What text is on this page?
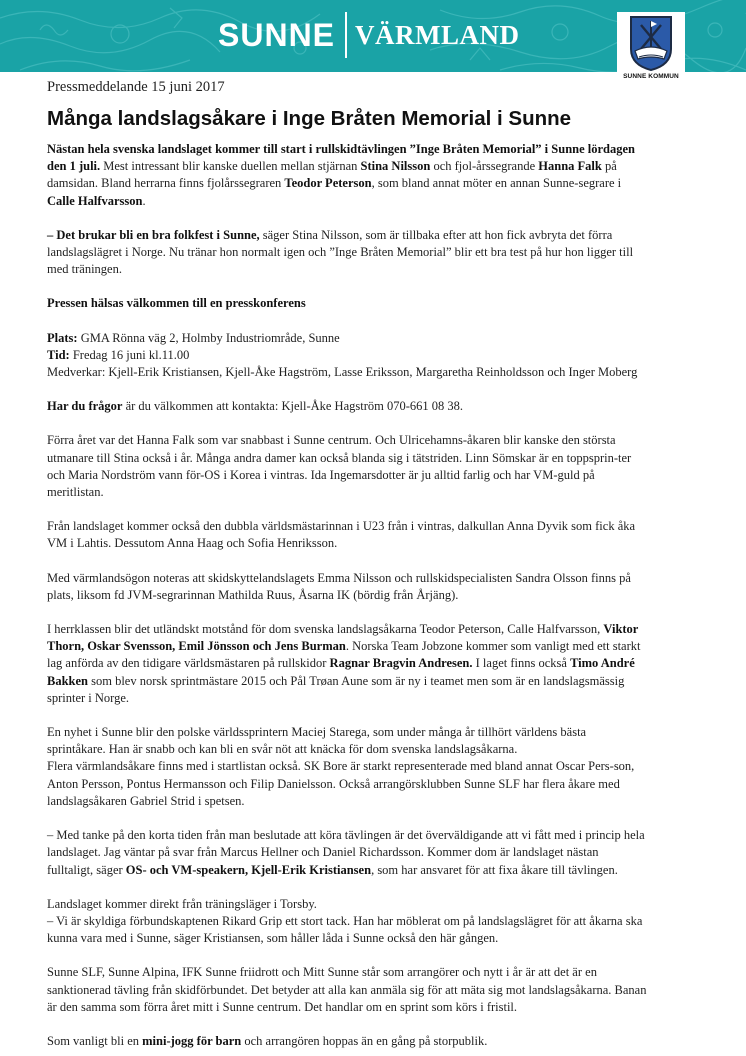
SUNNE VÄRMLAND
SUNNE KOMMUN
Pressmeddelande 15 juni 2017
Många landslagsåkare i Inge Bråten Memorial i Sunne

Nästan hela svenska landslaget kommer till start i rullskidtävlingen ”Inge Bråten Memorial” i Sunne lördagen den 1 juli. Mest intressant blir kanske duellen mellan stjärnan Stina Nilsson och fjol-årssegrande Hanna Falk på damsidan. Bland herrarna finns fjolårssegraren Teodor Peterson, som bland annat möter en annan Sunne-segrare i Calle Halfvarsson.

– Det brukar bli en bra folkfest i Sunne, säger Stina Nilsson, som är tillbaka efter att hon fick avbryta det förra landslagslägret i Norge. Nu tränar hon normalt igen och ”Inge Bråten Memorial” blir ett bra test på hur hon ligger till med träningen.

Pressen hälsas välkommen till en presskonferens

Plats: GMA Rönna väg 2, Holmby Industriområde, Sunne
Tid: Fredag 16 juni kl.11.00
Medverkar: Kjell-Erik Kristiansen, Kjell-Åke Hagström, Lasse Eriksson, Margaretha Reinholdsson och Inger Moberg

Har du frågor är du välkommen att kontakta: Kjell-Åke Hagström 070-661 08 38.

Förra året var det Hanna Falk som var snabbast i Sunne centrum. Och Ulricehamns-åkaren blir kanske den största utmanare till Stina också i år. Många andra damer kan också blanda sig i tätstriden. Linn Sömskar är en toppsprin-ter och Maria Nordström vann för-OS i Korea i vintras. Ida Ingemarsdotter är ju alltid farlig och har VM-guld på meritlistan.

Från landslaget kommer också den dubbla världsmästarinnan i U23 från i vintras, dalkullan Anna Dyvik som fick åka VM i Lahtis. Dessutom Anna Haag och Sofia Henriksson.

Med värmlandsögon noteras att skidskyttelandslagets Emma Nilsson och rullskidspecialisten Sandra Olsson finns på plats, liksom fd JVM-segrarinnan Mathilda Ruus, Åsarna IK (bördig från Årjäng).

I herrklassen blir det utländskt motstånd för dom svenska landslagsåkarna Teodor Peterson, Calle Halfvarsson, Viktor Thorn, Oskar Svensson, Emil Jönsson och Jens Burman. Norska Team Jobzone kommer som vanligt med ett starkt lag anförda av den tidigare världsmästaren på rullskidor Ragnar Bragvin Andresen. I laget finns också Timo André Bakken som blev norsk sprintmästare 2015 och Pål Trøan Aune som är ny i teamet men som är en landslagsmässig sprinter i Norge.

En nyhet i Sunne blir den polske världssprintern Maciej Starega, som under många år tillhört världens bästa sprintåkare. Han är snabb och kan bli en svår nöt att knäcka för dom svenska landslagsåkarna.

Flera värmlandsåkare finns med i startlistan också. SK Bore är starkt representerade med bland annat Oscar Pers-son, Anton Persson, Pontus Hermansson och Filip Danielsson. Också arrangörsklubben Sunne SLF har flera åkare med landslagsåkaren Gabriel Strid i spetsen.

– Med tanke på den korta tiden från man beslutade att köra tävlingen är det överväldigande att vi fått med i princip hela landslaget. Jag väntar på svar från Marcus Hellner och Daniel Richardsson. Kommer dom är landslaget nästan fulltaligt, säger OS- och VM-speakern, Kjell-Erik Kristiansen, som har ansvaret för att fixa åkare till tävlingen.

Landslaget kommer direkt från träningsläger i Torsby.

– Vi är skyldiga förbundskaptenen Rikard Grip ett stort tack. Han har möblerat om på landslagslägret för att åkarna ska kunna vara med i Sunne, säger Kristiansen, som håller låda i Sunne också den här gången.

Sunne SLF, Sunne Alpina, IFK Sunne friidrott och Mitt Sunne står som arrangörer och nytt i år är att det är en sanktionerad tävling från skidförbundet. Det betyder att alla kan anmäla sig för att mäta sig mot landslagsåkarna. Banan är den samma som förra året mitt i Sunne centrum. Det handlar om en sprint som körs i fristil.

Som vanligt bli en mini-jogg för barn och arrangören hoppas än en gång på storpublik.
